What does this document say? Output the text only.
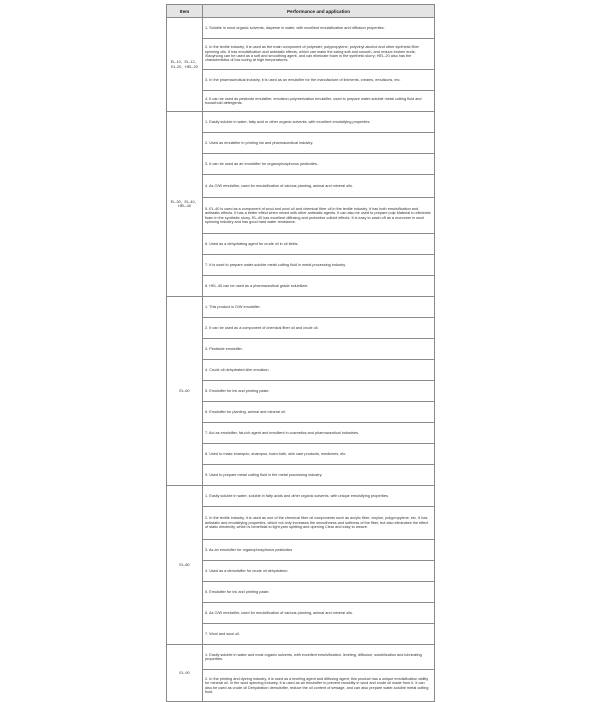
Item	Performance and application
EL-10、EL-12、
EL-20、HEL-20	1. Soluble in most organic solvents, disperse in water, with excellent emulsification and diffusion properties.
	2. In the textile industry, it is used as the main component of polyester, polypropylene, polyvinyl alcohol and other synthetic fiber spinning oils. It has emulsification and antistatic effects, which can make the sizing soft and smooth, and reduce broken ends; Xiaoyhong can be used as a soft and smoothing agent, and can eliminate foam in the synthetic slurry; HEL-20 also has the characteristics of low curing at high temperatures
	3. In the pharmaceutical industry, it is used as an emulsifier for the manufacture of liniments, creams, emulsions, etc.
	4. It can be used as pesticide emulsifier, emulsion polymerization emulsifier, used to prepare water-soluble metal cutting fluid and household detergents.
EL-30、EL-40、
HEL-40	1. Easily soluble in water, fatty acid or other organic solvents, with excellent emulsifying properties.
	2. Used as emulsifier in printing ink and pharmaceutical industry.
	3. It can be used as an emulsifier for organophosphorus pesticides.
	4. As O/W emulsifier, used for emulsification of various planting, animal and mineral oils.
	5. EL-40 is used as a component of wool and wool oil and chemical fiber oil in the textile industry. It has both emulsification and antistatic effects. It has a better effect when mixed with other antistatic agents. It can also be used to prepare pulp Material to eliminate foam in the synthetic slurry. EL-40 has excellent diffusing and protective colloid effects. It is easy to wash off as a monomer in wool spinning industry and has good hard water resistance.
	6. Used as a dehydrating agent for crude oil in oil fields.
	7. It is used to prepare water-soluble metal cutting fluid in metal processing industry.
	8. HEL-40 can be used as a pharmaceutical grade solubilizer.
EL-60	1. This product is O/W emulsifier.
	2. It can be used as a component of chemical fiber oil and crude oil.
	3. Pesticide emulsifier.
	4. Crude oil dehydrated slim emulsion.
	5. Emulsifier for ink and printing paste.
	6. Emulsifier for planting, animal and mineral oil.
	7. Act as emulsifier, fat-rich agent and emollient in cosmetics and pharmaceutical industries.
	8. Used to make shampoo, shampoo, foam bath, skin care products, medicines, etc.
	9. Used to prepare metal cutting fluid in the metal processing industry.
EL-80	1. Easily soluble in water, soluble in fatty acids and other organic solvents, with unique emulsifying properties.
	2. In the textile industry, it is used as one of the chemical fiber oil components such as acrylic fiber, vinylon, polypropylene, etc. It has antistatic and emulsifying properties, which not only increases the smoothness and softness of the fiber, but also eliminates the effect of static electricity, which is beneficial to light yarn splitting and opening Clear and easy to weave.
	3. As an emulsifier for organophosphorus pesticides
	4. Used as a demulsifier for crude oil dehydration.
	5. Emulsifier for ink and printing paste.
	6. As O/W emulsifier, used for emulsification of various planting, animal and mineral oils.
	7. Wool and wool oil.
EL-90	1. Easily soluble in water and most organic solvents, with excellent emulsification, leveling, diffusion, solubilization and lubricating properties.
	2. In the printing and dyeing industry, it is used as a leveling agent and diffusing agent, this product has a unique emulsification ability for mineral oil. In the wool spinning industry, it is used as an emulsifier to prevent rancidity in wool and crude oil made from it. It can also be used as crude oil Dehydration demulsifier, reduce the oil content of sewage, and can also prepare water-soluble metal cutting fluid.
